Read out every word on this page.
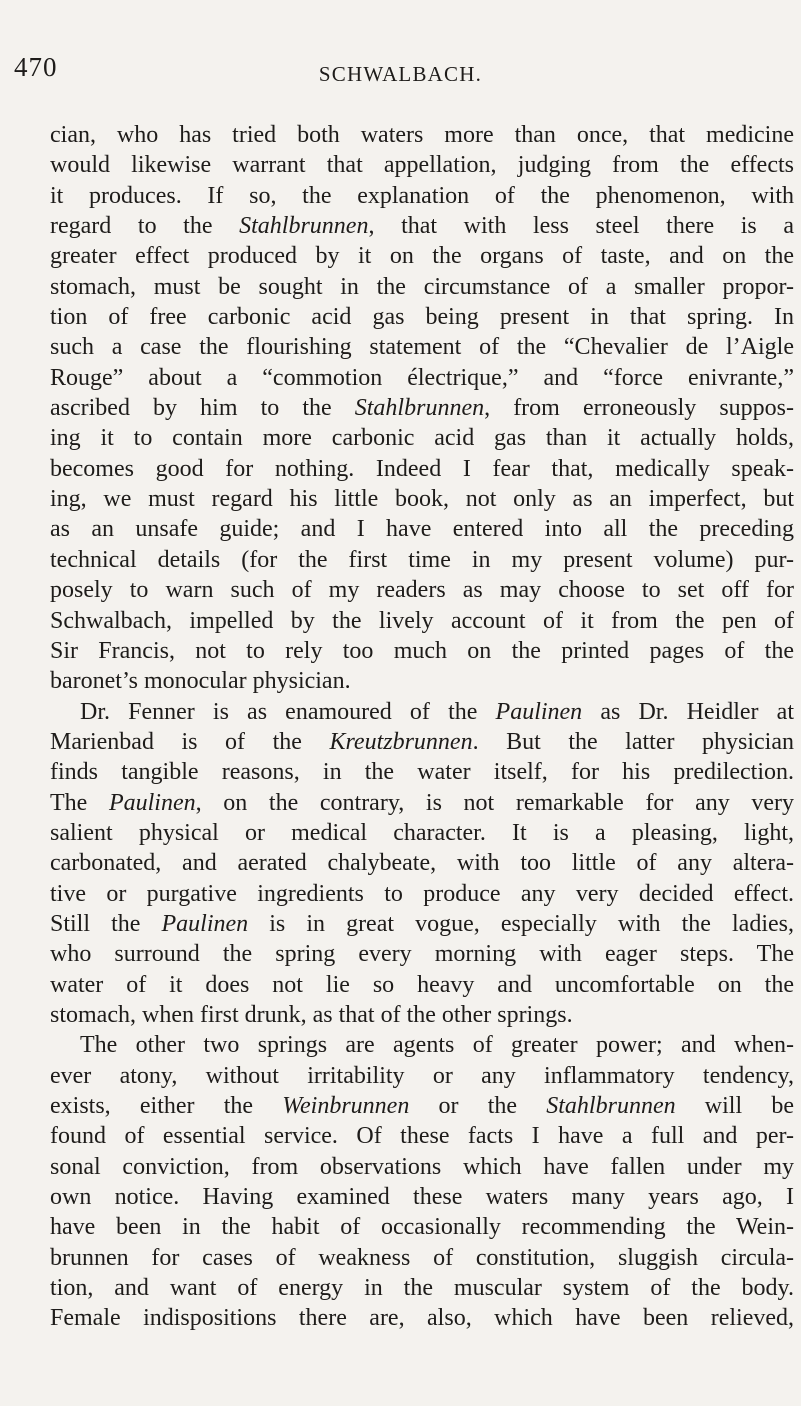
470	SCHWALBACH.
cian, who has tried both waters more than once, that medicine
would likewise warrant that appellation, judging from the effects
it produces. If so, the explanation of the phenomenon, with
regard to the Stahlbrunnen, that with less steel there is a
greater effect produced by it on the organs of taste, and on the
stomach, must be sought in the circumstance of a smaller propor-
tion of free carbonic acid gas being present in that spring. In
such a case the flourishing statement of the “Chevalier de l’Aigle
Rouge” about a “commotion électrique,” and “force enivrante,”
ascribed by him to the Stahlbrunnen, from erroneously suppos-
ing it to contain more carbonic acid gas than it actually holds,
becomes good for nothing. Indeed I fear that, medically speak-
ing, we must regard his little book, not only as an imperfect, but
as an unsafe guide; and I have entered into all the preceding
technical details (for the first time in my present volume) pur-
posely to warn such of my readers as may choose to set off for
Schwalbach, impelled by the lively account of it from the pen of
Sir Francis, not to rely too much on the printed pages of the
baronet’s monocular physician.
Dr. Fenner is as enamoured of the Paulinen as Dr. Heidler at
Marienbad is of the Kreutzbrunnen. But the latter physician
finds tangible reasons, in the water itself, for his predilection.
The Paulinen, on the contrary, is not remarkable for any very
salient physical or medical character. It is a pleasing, light,
carbonated, and aerated chalybeate, with too little of any altera-
tive or purgative ingredients to produce any very decided effect.
Still the Paulinen is in great vogue, especially with the ladies,
who surround the spring every morning with eager steps. The
water of it does not lie so heavy and uncomfortable on the
stomach, when first drunk, as that of the other springs.
The other two springs are agents of greater power; and when-
ever atony, without irritability or any inflammatory tendency,
exists, either the Weinbrunnen or the Stahlbrunnen will be
found of essential service. Of these facts I have a full and per-
sonal conviction, from observations which have fallen under my
own notice. Having examined these waters many years ago, I
have been in the habit of occasionally recommending the Wein-
brunnen for cases of weakness of constitution, sluggish circula-
tion, and want of energy in the muscular system of the body.
Female indispositions there are, also, which have been relieved,
